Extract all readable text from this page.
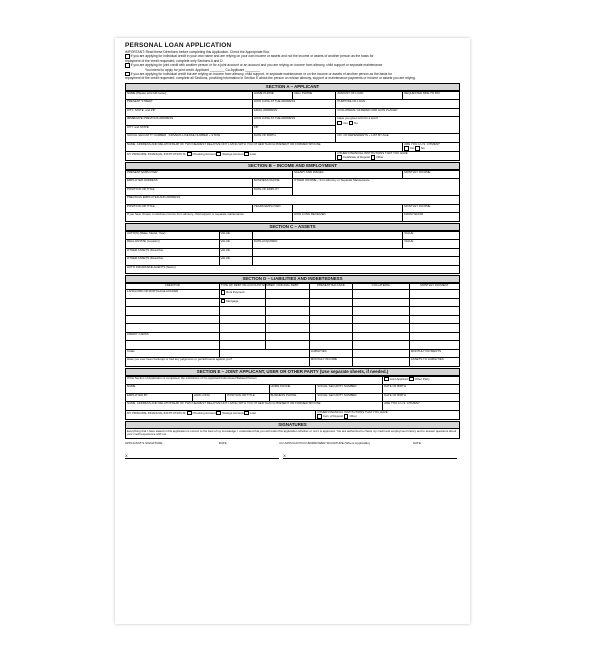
PERSONAL LOAN APPLICATION
IMPORTANT: Read these Directions before completing this Application. Check the Appropriate Box.
If you are applying for individual credit in your own name and are relying on your own income or assets and not the income or assets of another person as the basis for
repayment of the credit requested, complete only Sections A and D.
If you are applying for joint credit with another person or for a joint account or an account and you are relying on income from alimony, child support or separate maintenance
You intend to apply for joint credit. Applicant ________ Co-Applicant ________
If you are applying for individual credit but are relying on income from alimony, child support, or separate maintenance or on the income or assets of another person as the basis for
repayment of the credit requested, complete all Sections, providing information in Section E about the person on whose alimony, support or maintenance payments or income or assets you are relying.
SECTION A – APPLICANT
NAME (Please print full name)	HOME PHONE	CELL PHONE	AMOUNT OF LOAN	REQUESTED MDE TO PAY
PRESENT STREET	HOW LONG AT THE ADDRESS		PURPOSE OF LOAN	
CITY, STATE, and ZIP	EMAIL ADDRESS		COLLATERAL OFFERED AND HOW PLACED	
IMMEDIATE PREVIOUS ADDRESS	HOW LONG AT THE ADDRESS		Have you given a fin for a loan?
Yes No	
CITY and STATE	ZIP			
SOCIAL SECURITY NUMBER DRIVERS LICENSE NUMBER + STATE	DATE OF BIRTH		NO. OF DEPENDENTS + LIST BY AGE	
NAME, ADDRESS AND RELATIONSHIP OF TWO NEAREST RELATIVE NOT LIVING WITH YOU OTHER THAN A PRESENT OR FORMER SPOUSE				ARE YOU A U.S. CITIZEN?
Yes No
MY PRINCIPAL FINANCIAL INSTITUTION IS: Checking Account Savings Account Loan			OTHER FINANCIAL INSTITUTIONS THAT YOU HAVE
Certificate of Deposit Other	
SECTION B – INCOME AND EMPLOYMENT
PRESENT EMPLOYER		SALARY AND WAGES	MONTHLY INCOME
EMPLOYER ADDRESS	BUSINESS PHONE	OTHER INCOME – from Alimony or Separate Maintenance	
POSITION OR TITLE	DATE OF EMPLOY		
PREVIOUS EMPLOYER AND ADDRESS			
POSITION OR TITLE	YEARS EMPLOYED		MONTHLY INCOME
If you have chosen to disclose income from alimony, child support or separate maintenance		HOW LONG RECEIVED	FROM WHOM
SECTION C – ASSETS
AUTO(S) (Make, Model, Year)	VALUE		VALUE
REAL ESTATE (Location)	VALUE	DATE ACQUIRED	VALUE
OTHER ASSETS (Describe)	VALUE		
OTHER ASSETS (Describe)	VALUE		
AUTO INSURANCE AGENTS (Name)			
SECTION D – LIABILITIES AND INDEBTEDNESS
CREDITOR	TYPE OF DEBT OR ACCOUNT NUMBER	ORIGINAL DEBT	PRESENT BALANCE	COLLATERAL	MONTHLY PAYMENT
LANDLORD OR MORTGAGE HOLDER	Rent Payment				
	Mortgage				

CREDIT CARDS					

Totals			LIABILITIES		MONTHLY PAYMENTS
Have you ever been bankrupt or had any judgments or garnishments against you?			MONTHLY INCOME		ASSETS TO LIABILITIES
SECTION E – JOINT APPLICANT, USER OR OTHER PARTY (Use separate sheets, if needed.)
If this Section of Application is completed, the institutions of Co-Applicant/Coborrower/Related Person					Joint Applicant Other Party
NAME			HOME PHONE	SOCIAL SECURITY NUMBER	DATE OF BIRTH
EMPLOYED BY	HOW LONG	POSITION OR TITLE	BUSINESS PHONE	SOCIAL SECURITY NUMBER	DATE OF BIRTH
NAME, ADDRESS AND RELATIONSHIP OF TWO NEAREST RELATIVE NOT LIVING WITH YOU OTHER THAN A PRESENT OR FORMER SPOUSE					ARE YOU A U.S. CITIZEN?
MY PRINCIPAL FINANCIAL INSTITUTION IS: Checking Account Savings Account Loan				OTHER FINANCIAL INSTITUTIONS THAT YOU HAVE
Cert. of Deposit Other	
SIGNATURES
Everything that I have stated in this application is correct to the best of my knowledge. I understand that you will retain this application whether or not it is approved. You are authorized to check my credit and employment history and to answer questions about your credit experience with me.
APPLICANT'S SIGNATURE	DATE	CO-APPLICANT/CO-BORROWER SIGNATURE (Where Applicable)	DATE
X	X
